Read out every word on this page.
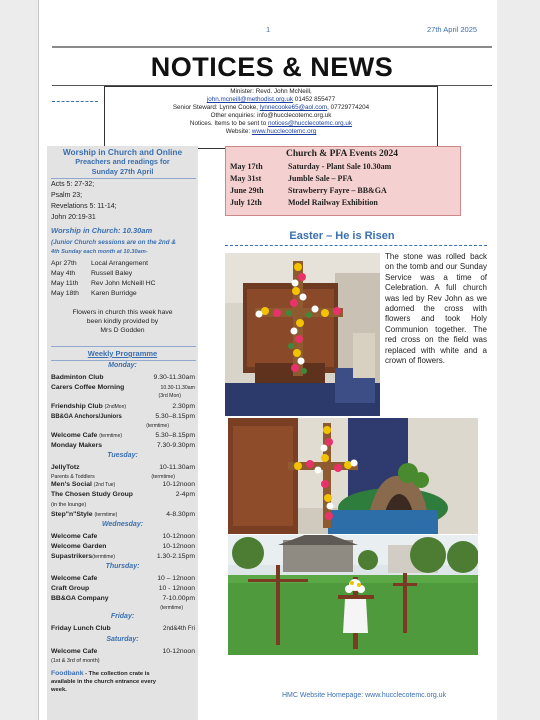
1	27th April 2025
NOTICES & NEWS
Minister: Revd. John McNeill,
john.mcneill@methodist.org.uk 01452 855477
Senior Steward: Lynne Cooke, lynnecooke65@aol.com, 07729774204
Other enquiries: info@hucclecotemc.org.uk
Notices. Items to be sent to notices@hucclecotemc.org.uk
Website: www.hucclecotemc.org
Worship in Church and Online
Preachers and readings for
Sunday 27th April
Acts 5: 27-32;
Psalm 23;
Revelations 5: 11-14;
John 20:19-31
Worship in Church: 10.30am
(Junior Church sessions are on the 2nd &
4th Sunday each month at 10.30am-
Apr 27th Local Arrangement
May 4th Russell Baley
May 11th Rev John McNeill HC
May 18th Karen Burridge
Flowers in church this week have
been kindly provided by
Mrs D Godden
Weekly Programme
Monday:
Badminton Club	9.30-11.30am
Carers Coffee Morning	10.30-11.30am
(3rd Mon)
Friendship Club (2ndMon)	2.30pm
BB&GA Anchors/Juniors	5.30–8.15pm
(termtime)
Welcome Cafe (termtime)	5.30–8.15pm
Monday Makers	7.30-9.30pm
Tuesday:
JellyTotz	10-11.30am
Parents & Toddlers	(termtime)
Men's Social (2nd Tue)	10-12noon
The Chosen Study Group	2-4pm
(in the lounge)
Step"n"Style (termtime)	4-8.30pm
Wednesday:
Welcome Cafe	10-12noon
Welcome Garden	10-12noon
Supastrikers(termtime)	1.30-2.15pm
Thursday:
Welcome Cafe	10 – 12noon
Craft Group	10 - 12noon
BB&GA Company	7-10.00pm
(termtime)
Friday:
Friday Lunch Club	2nd&4th Fri
Saturday:
Welcome Cafe	10-12noon
(1st & 3rd of month)
Foodbank - The collection crate is
available in the church entrance every
week.
Church & PFA Events 2024
May 17th	Saturday - Plant Sale 10.30am
May 31st	Jumble Sale – PFA
June 29th	Strawberry Fayre – BB&GA
July 12th	Model Railway Exhibition
Easter – He is Risen
The stone was rolled back on the tomb and our Sunday Service was a time of Celebration. A full church was led by Rev John as we adorned the cross with flowers and took Holy Communion together. The red cross on the field was replaced with white and a crown of flowers.
HMC Website Homepage: www.hucclecotemc.org.uk
